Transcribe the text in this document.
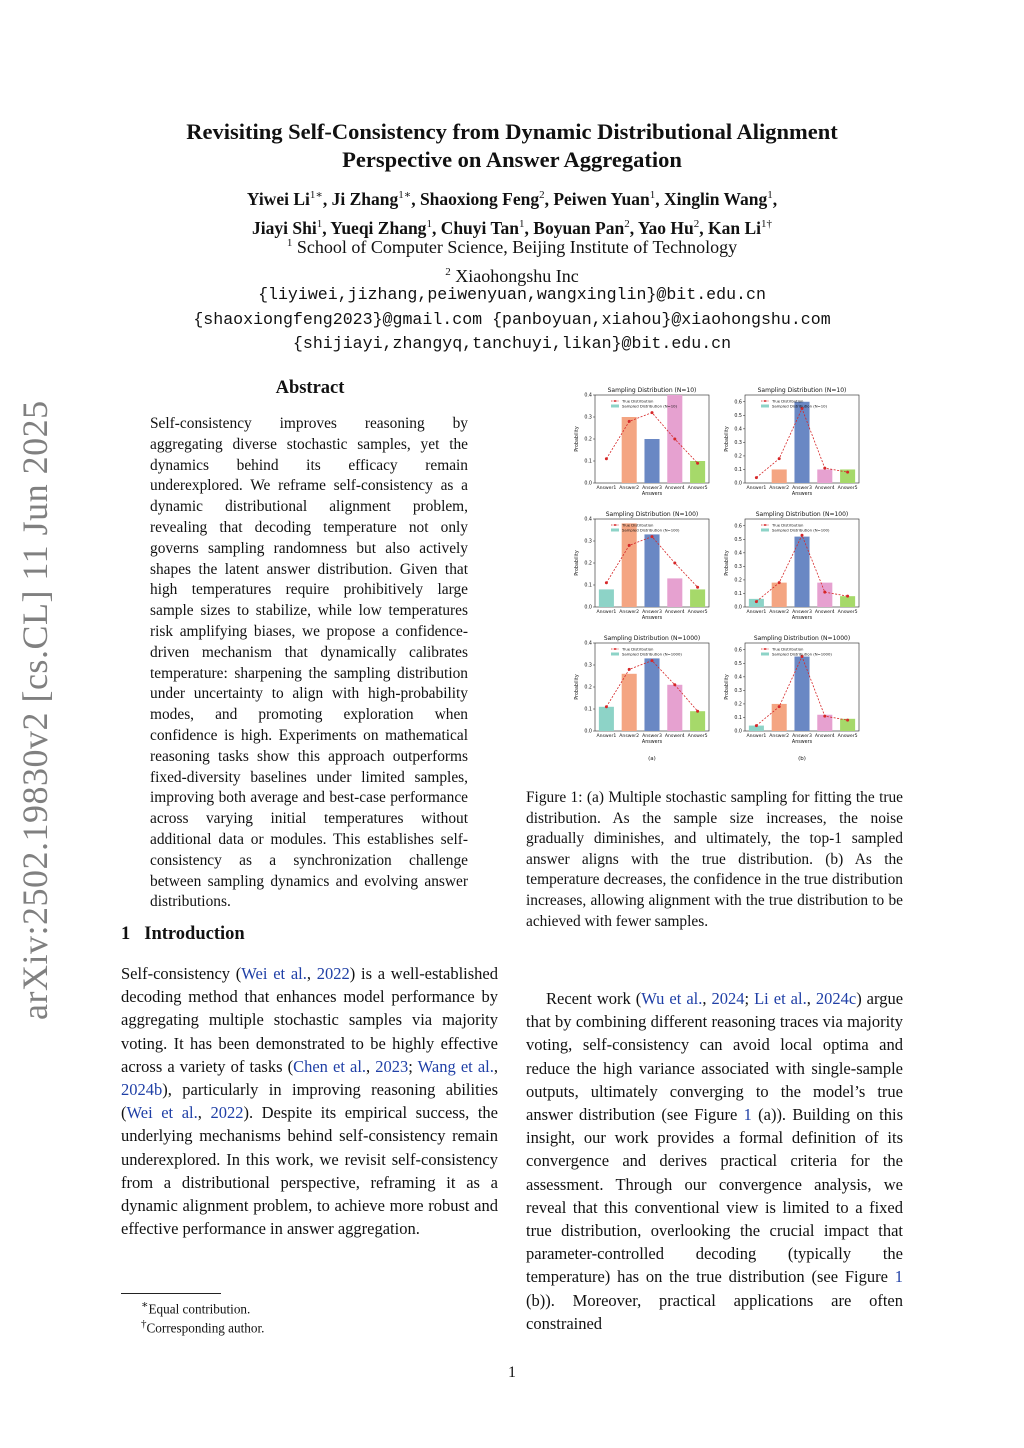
Revisiting Self-Consistency from Dynamic Distributional Alignment
Perspective on Answer Aggregation
Yiwei $Li^{1∗}$, Ji Zhang$^{1∗}$, Shaoxiong Feng$^2$, Peiwen Yuan$^1$, Xinglin Wang$^1$,
Jiayi Shi$^1$, Yueqi Zhang$^1$, Chuyi Tan$^1$, Boyuan Pan$^2$, Yao Hu$^2$, Kan $Li^{1\dagger}$
$^1$ School of Computer Science, Beijing Institute of Technology
$^2$ Xiaohongshu Inc
{liyiwei,jizhang,peiwenyuan,wangxinglin}@bit.edu.cn
{shaoxiongfeng2023}@gmail.com {panboyuan,xiahou}@xiaohongshu.com
{shijiayi,zhangyq,tanchuyi,likan}@bit.edu.cn
arXiv:2502.19830v2 [cs.CL] 11 Jun 2025
Abstract
Self-consistency improves reasoning by aggregating diverse stochastic samples, yet the dynamics behind its efficacy remain underexplored. We reframe self-consistency as a dynamic distributional alignment problem, revealing that decoding temperature not only governs sampling randomness but also actively shapes the latent answer distribution. Given that high temperatures require prohibitively large sample sizes to stabilize, while low temperatures risk amplifying biases, we propose a confidence-driven mechanism that dynamically calibrates temperature: sharpening the sampling distribution under uncertainty to align with high-probability modes, and promoting exploration when confidence is high. Experiments on mathematical reasoning tasks show this approach outperforms fixed-diversity baselines under limited samples, improving both average and best-case performance across varying initial temperatures without additional data or modules. This establishes self-consistency as a synchronization challenge between sampling dynamics and evolving answer distributions.
1 Introduction

Self-consistency (Wei et al., 2022) is a well-established decoding method that enhances model performance by aggregating multiple stochastic samples via majority voting. It has been demonstrated to be highly effective across a variety of tasks (Chen et al., 2023; Wang et al., 2024b), particularly in improving reasoning abilities (Wei et al., 2022). Despite its empirical success, the underlying mechanisms behind self-consistency remain underexplored. In this work, we revisit self-consistency from a distributional perspective, reframing it as a dynamic alignment problem, to achieve more robust and effective performance in answer aggregation.

∗Equal contribution.
†Corresponding author.
Sampling Distribution (N=10)
0.0
0.1
0.2
0.3
0.4
Probability
Answer1 Answer2 Answer3 Answer4 Answer5
Answers
True Distribution
Sampled Distribution (N=10)
Sampling Distribution (N=10)
0.0
0.1
0.2
0.3
0.4
0.5
0.6
Probability
Answer1 Answer2 Answer3 Answer4 Answer5
Answers
True Distribution
Sampled Distribution (N=10)
Sampling Distribution (N=100)
0.0
0.1
0.2
0.3
0.4
Probability
Answer1 Answer2 Answer3 Answer4 Answer5
Answers
True Distribution
Sampled Distribution (N=100)
Sampling Distribution (N=100)
0.0
0.1
0.2
0.3
0.4
0.5
0.6
Probability
Answer1 Answer2 Answer3 Answer4 Answer5
Answers
True Distribution
Sampled Distribution (N=100)
Sampling Distribution (N=1000)
0.0
0.1
0.2
0.3
0.4
Probability
Answer1 Answer2 Answer3 Answer4 Answer5
Answers
True Distribution
Sampled Distribution (N=1000)
Sampling Distribution (N=1000)
0.0
0.1
0.2
0.3
0.4
0.5
0.6
Probability
Answer1 Answer2 Answer3 Answer4 Answer5
Answers
True Distribution
Sampled Distribution (N=1000)
(a)	(b)
Figure 1: (a) Multiple stochastic sampling for fitting the true distribution. As the sample size increases, the noise gradually diminishes, and ultimately, the top-1 sampled answer aligns with the true distribution. (b) As the temperature decreases, the confidence in the true distribution increases, allowing alignment with the true distribution to be achieved with fewer samples.

Recent work (Wu et al., 2024; Li et al., 2024c) argue that by combining different reasoning traces via majority voting, self-consistency can avoid local optima and reduce the high variance associated with single-sample outputs, ultimately converging to the model’s true answer distribution (see Figure 1 (a)). Building on this insight, our work provides a formal definition of its convergence and derives practical criteria for the assessment. Through our convergence analysis, we reveal that this conventional view is limited to a fixed true distribution, overlooking the crucial impact that parameter-controlled decoding (typically the temperature) has on the true distribution (see Figure 1 (b)). Moreover, practical applications are often constrained

1
